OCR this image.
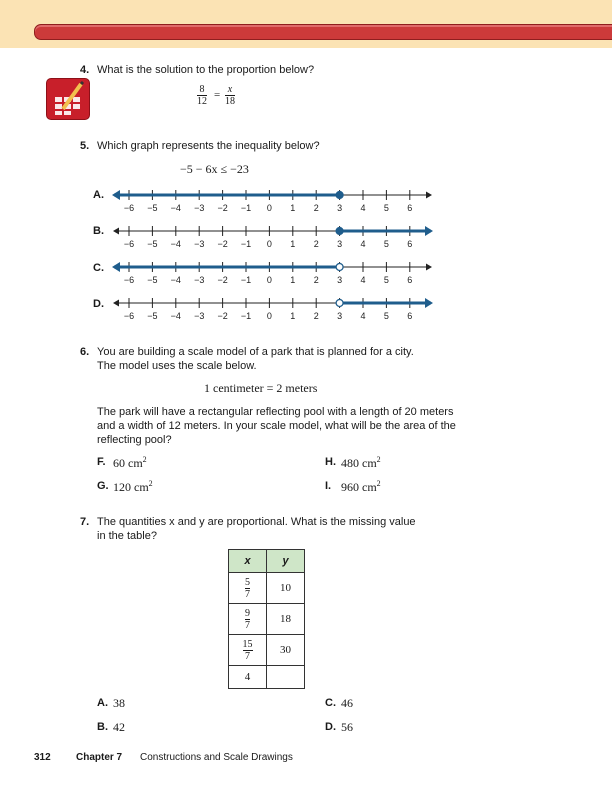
4. What is the solution to the proportion below?
8
12
= x
18
5. Which graph represents the inequality below?
−5 − 6x ≤ −23
A.
B.
C.
D.
−6 −5 −4 −3 −2 −1 0 1 2 3 4 5 6
−6 −5 −4 −3 −2 −1 0 1 2 3 4 5 6
−6 −5 −4 −3 −2 −1 0 1 2 3 4 5 6
−6 −5 −4 −3 −2 −1 0 1 2 3 4 5 6
6. You are building a scale model of a park that is planned for a city.
The model uses the scale below.
1 centimeter = 2 meters
The park will have a rectangular reflecting pool with a length of 20 meters
and a width of 12 meters. In your scale model, what will be the area of the
reflecting pool?
F. 60 $cm^2$
G. 120 $cm^2$
H. 480 $cm^2$
I. 960 $cm^2$
7. The quantities x and y are proportional. What is the missing value
in the table?
x	y

$\frac{5}{7}$	10

$\frac{9}{7}$	18

$\frac{15}{7}$	30
4	
A. 38
B. 42
C. 46
D. 56
312	Chapter 7 Constructions and Scale Drawings
